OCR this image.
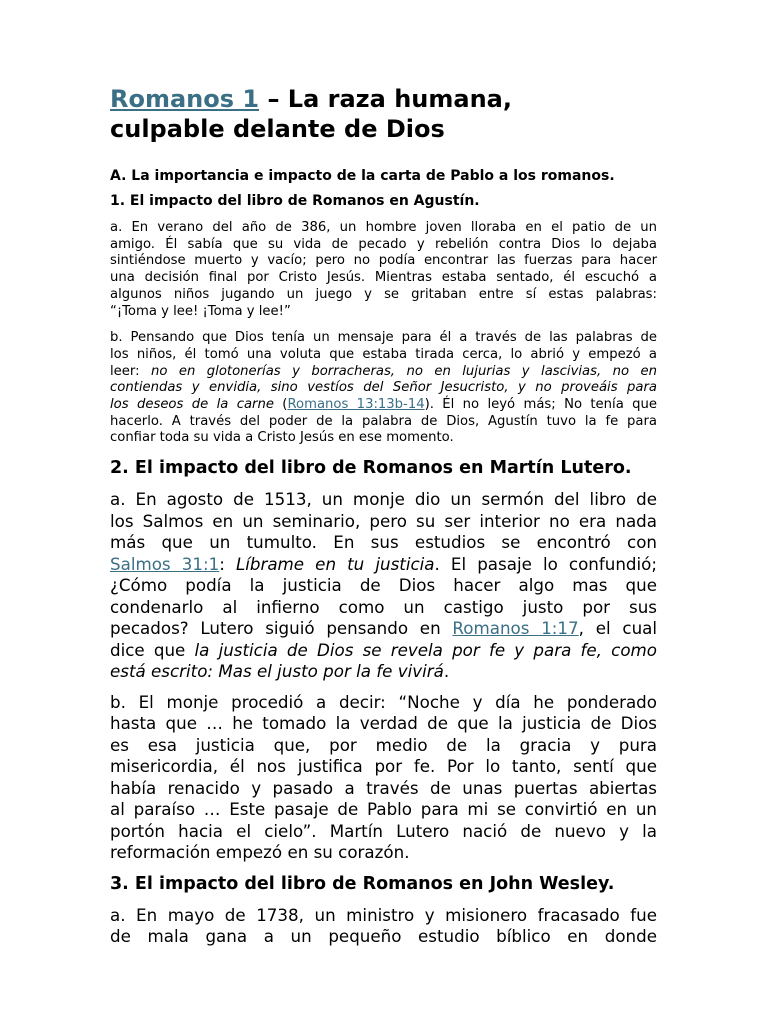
Romanos 1 – La raza humana,
culpable delante de Dios

A. La importancia e impacto de la carta de Pablo a los romanos.

1. El impacto del libro de Romanos en Agustín.

a. En verano del año de 386, un hombre joven lloraba en el patio de un
amigo. Él sabía que su vida de pecado y rebelión contra Dios lo dejaba
sintiéndose muerto y vacío; pero no podía encontrar las fuerzas para hacer
una decisión final por Cristo Jesús. Mientras estaba sentado, él escuchó a
algunos niños jugando un juego y se gritaban entre sí estas palabras:
“¡Toma y lee! ¡Toma y lee!”

b. Pensando que Dios tenía un mensaje para él a través de las palabras de
los niños, él tomó una voluta que estaba tirada cerca, lo abrió y empezó a
leer: no en glotonerías y borracheras, no en lujurias y lascivias, no en
contiendas y envidia, sino vestíos del Señor Jesucristo, y no proveáis para
los deseos de la carne (Romanos 13:13b-14). Él no leyó más; No tenía que
hacerlo. A través del poder de la palabra de Dios, Agustín tuvo la fe para
confiar toda su vida a Cristo Jesús en ese momento.

2. El impacto del libro de Romanos en Martín Lutero.

a. En agosto de 1513, un monje dio un sermón del libro de
los Salmos en un seminario, pero su ser interior no era nada
más que un tumulto. En sus estudios se encontró con
Salmos 31:1: Líbrame en tu justicia. El pasaje lo confundió;
¿Cómo podía la justicia de Dios hacer algo mas que
condenarlo al infierno como un castigo justo por sus
pecados? Lutero siguió pensando en Romanos 1:17, el cual
dice que la justicia de Dios se revela por fe y para fe, como
está escrito: Mas el justo por la fe vivirá.

b. El monje procedió a decir: “Noche y día he ponderado
hasta que … he tomado la verdad de que la justicia de Dios
es esa justicia que, por medio de la gracia y pura
misericordia, él nos justifica por fe. Por lo tanto, sentí que
había renacido y pasado a través de unas puertas abiertas
al paraíso … Este pasaje de Pablo para mi se convirtió en un
portón hacia el cielo”. Martín Lutero nació de nuevo y la
reformación empezó en su corazón.

3. El impacto del libro de Romanos en John Wesley.

a. En mayo de 1738, un ministro y misionero fracasado fue
de mala gana a un pequeño estudio bíblico en donde
